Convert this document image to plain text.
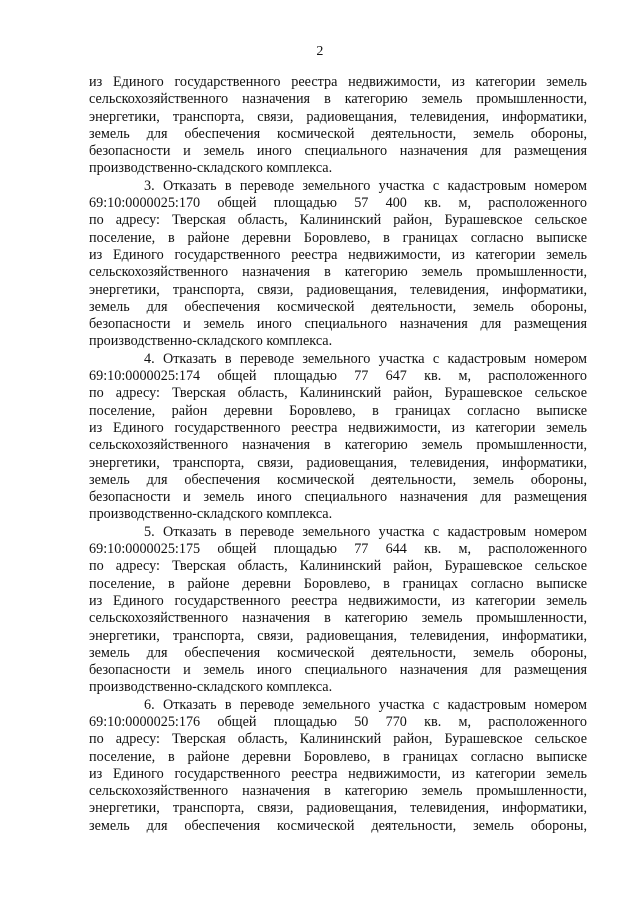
2
из Единого государственного реестра недвижимости, из категории земель
сельскохозяйственного назначения в категорию земель промышленности,
энергетики, транспорта, связи, радиовещания, телевидения, информатики,
земель для обеспечения космической деятельности, земель обороны,
безопасности и земель иного специального назначения для размещения
производственно-складского комплекса.
3. Отказать в переводе земельного участка с кадастровым номером
69:10:0000025:170 общей площадью 57 400 кв. м, расположенного
по адресу: Тверская область, Калининский район, Бурашевское сельское
поселение, в районе деревни Боровлево, в границах согласно выписке
из Единого государственного реестра недвижимости, из категории земель
сельскохозяйственного назначения в категорию земель промышленности,
энергетики, транспорта, связи, радиовещания, телевидения, информатики,
земель для обеспечения космической деятельности, земель обороны,
безопасности и земель иного специального назначения для размещения
производственно-складского комплекса.
4. Отказать в переводе земельного участка с кадастровым номером
69:10:0000025:174 общей площадью 77 647 кв. м, расположенного
по адресу: Тверская область, Калининский район, Бурашевское сельское
поселение, район деревни Боровлево, в границах согласно выписке
из Единого государственного реестра недвижимости, из категории земель
сельскохозяйственного назначения в категорию земель промышленности,
энергетики, транспорта, связи, радиовещания, телевидения, информатики,
земель для обеспечения космической деятельности, земель обороны,
безопасности и земель иного специального назначения для размещения
производственно-складского комплекса.
5. Отказать в переводе земельного участка с кадастровым номером
69:10:0000025:175 общей площадью 77 644 кв. м, расположенного
по адресу: Тверская область, Калининский район, Бурашевское сельское
поселение, в районе деревни Боровлево, в границах согласно выписке
из Единого государственного реестра недвижимости, из категории земель
сельскохозяйственного назначения в категорию земель промышленности,
энергетики, транспорта, связи, радиовещания, телевидения, информатики,
земель для обеспечения космической деятельности, земель обороны,
безопасности и земель иного специального назначения для размещения
производственно-складского комплекса.
6. Отказать в переводе земельного участка с кадастровым номером
69:10:0000025:176 общей площадью 50 770 кв. м, расположенного
по адресу: Тверская область, Калининский район, Бурашевское сельское
поселение, в районе деревни Боровлево, в границах согласно выписке
из Единого государственного реестра недвижимости, из категории земель
сельскохозяйственного назначения в категорию земель промышленности,
энергетики, транспорта, связи, радиовещания, телевидения, информатики,
земель для обеспечения космической деятельности, земель обороны,
